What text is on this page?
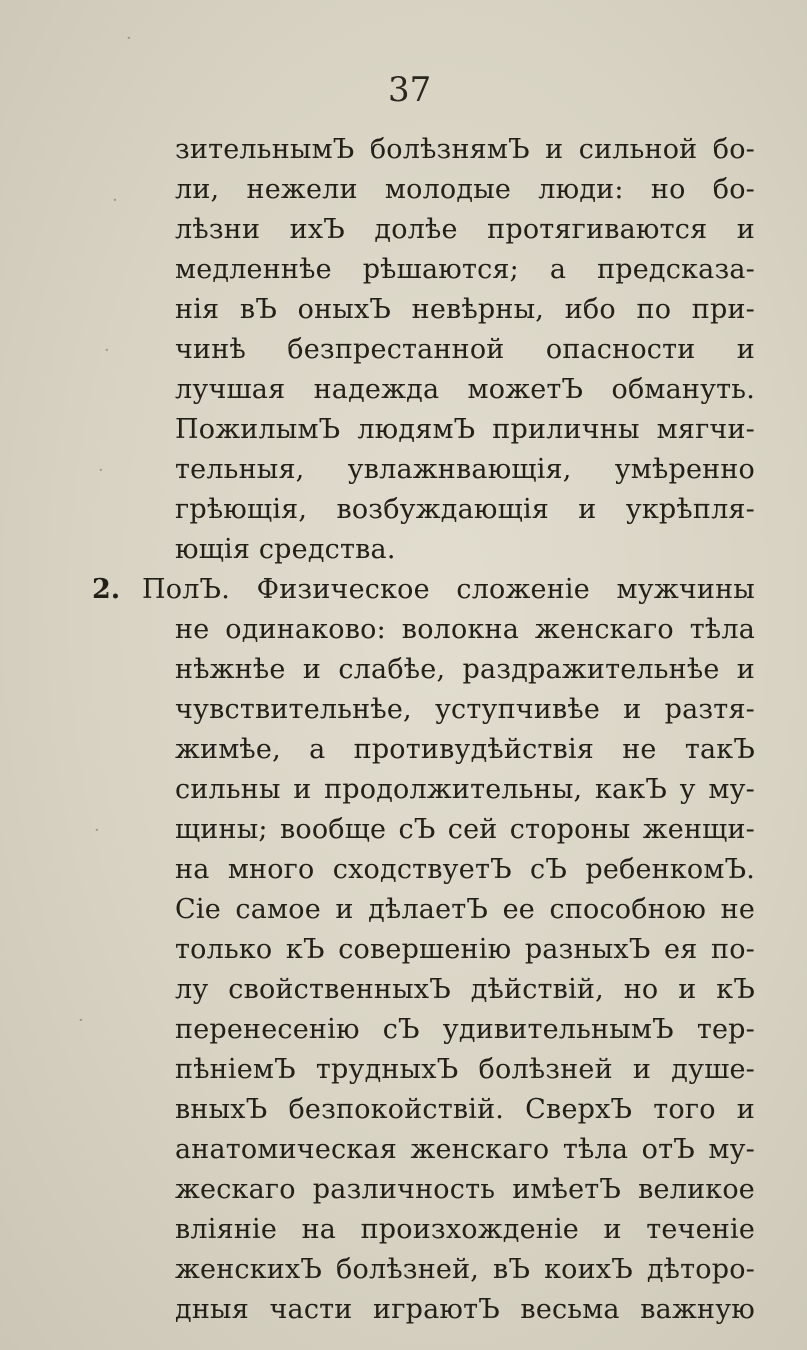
37
зительнымЪ болѣзнямЪ и сильной бо-
ли, нежели молодые люди: но бо-
лѣзни ихЪ долѣе протягиваются и
медленнѣе рѣшаются; а предсказа-
нія вЪ оныхЪ невѣрны, ибо по при-
чинѣ безпрестанной опасности и
лучшая надежда можетЪ обмануть.
ПожилымЪ людямЪ приличны мягчи-
тельныя, увлажнвающія, умѣренно
грѣющія, возбуждающія и укрѣпля-
ющія средства.
2. ПолЪ. Физическое сложеніе мужчины
не одинаково: волокна женскаго тѣла
нѣжнѣе и слабѣе, раздражительнѣе и
чувствительнѣе, уступчивѣе и разтя-
жимѣе, а противудѣйствія не такЪ
сильны и продолжительны, какЪ у му-
щины; вообще сЪ сей стороны женщи-
на много сходствуетЪ сЪ ребенкомЪ.
Сіе самое и дѣлаетЪ ее способною не
только кЪ совершенію разныхЪ ея по-
лу свойственныхЪ дѣйствій, но и кЪ
перенесенію сЪ удивительнымЪ тер-
пѣніемЪ трудныхЪ болѣзней и душе-
вныхЪ безпокойствій. СверхЪ того и
анатомическая женскаго тѣла отЪ му-
жескаго различность имѣетЪ великое
вліяніе на произхожденіе и теченіе
женскихЪ болѣзней, вЪ коихЪ дѣторо-
дныя части играютЪ весьма важную
·
·
·
·
·
·
